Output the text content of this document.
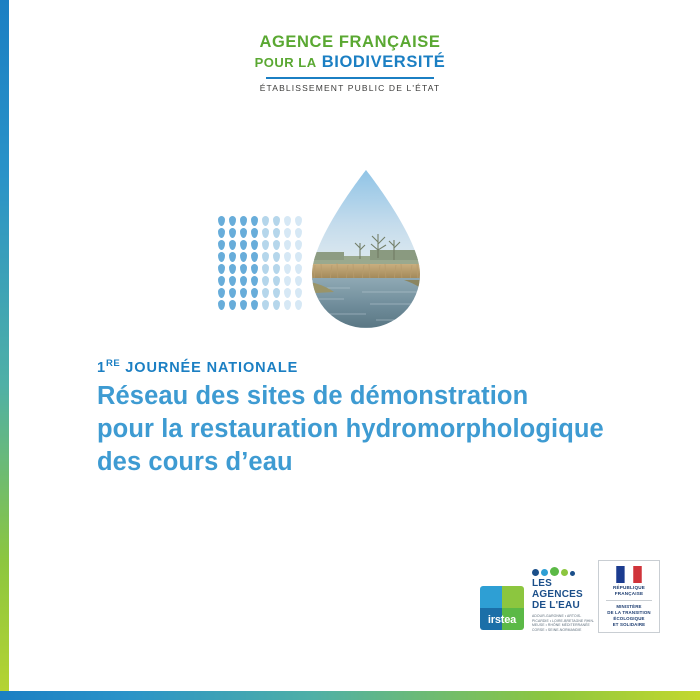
AGENCE FRANÇAISE
POUR LA BIODIVERSITÉ
ÉTABLISSEMENT PUBLIC DE L'ÉTAT
1RE JOURNÉE NATIONALE
Réseau des sites de démonstration
pour la restauration hydromorphologique
des cours d’eau
irstea
LES
AGENCES
DE L'EAU
ADOUR-GARONNE • ARTOIS-PICARDIE • LOIRE-BRETAGNE RHIN-MEUSE • RHÔNE MÉDITERRANÉE CORSE • SEINE-NORMANDIE
RÉPUBLIQUE FRANÇAISE
MINISTÈRE
DE LA TRANSITION
ÉCOLOGIQUE
ET SOLIDAIRE
